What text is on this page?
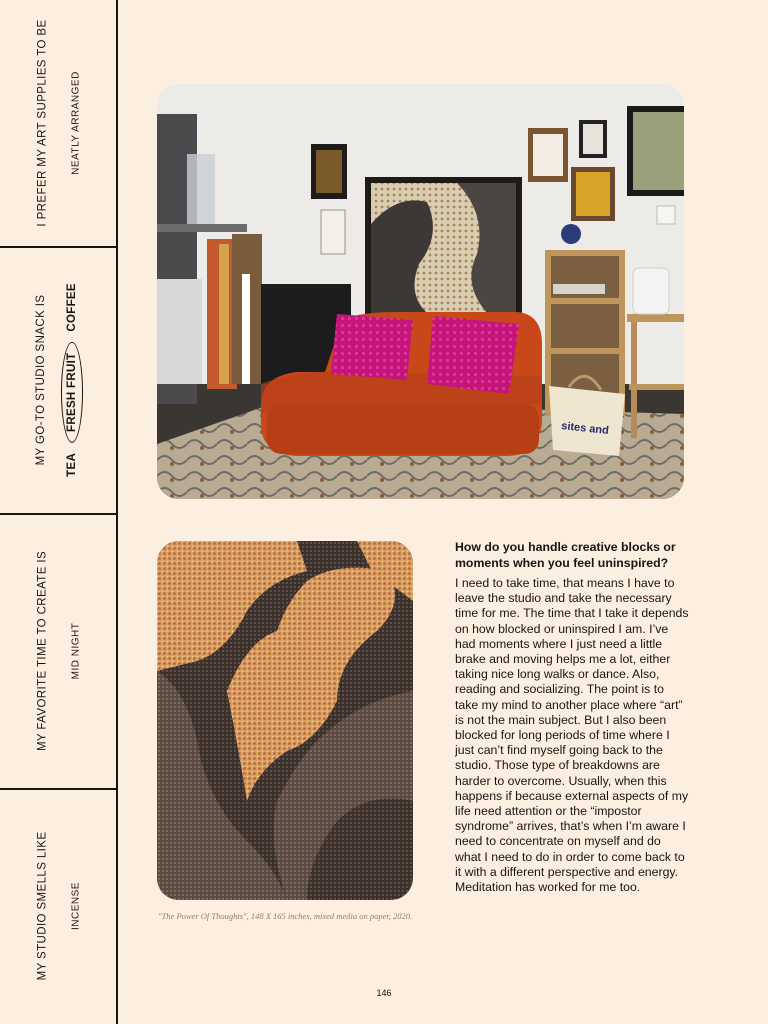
I PREFER MY ART SUPPLIES TO BE NEATLY ARRANGED
MY GO-TO STUDIO SNACK IS TEA
FRESH FRUIT
COFFEE
MY FAVORITE TIME TO CREATE IS MID NIGHT
MY STUDIO SMELLS LIKE INCENSE
sites and
"The Power Of Thoughts", 148 X 165 inches, mixed media on paper, 2020.
How do you handle creative blocks or moments when you feel uninspired?
I need to take time, that means I have to leave the studio and take the necessary time for me. The time that I take it depends on how blocked or uninspired I am. I’ve had moments where I just need a little brake and moving helps me a lot, either taking nice long walks or dance. Also, reading and socializing. The point is to take my mind to another place where “art” is not the main subject. But I also been blocked for long periods of time where I just can’t find myself going back to the studio. Those type of breakdowns are harder to overcome. Usually, when this happens if because external aspects of my life need attention or the “impostor syndrome” arrives, that’s when I’m aware I need to concentrate on myself and do what I need to do in order to come back to it with a different perspective and energy. Meditation has worked for me too.
146
